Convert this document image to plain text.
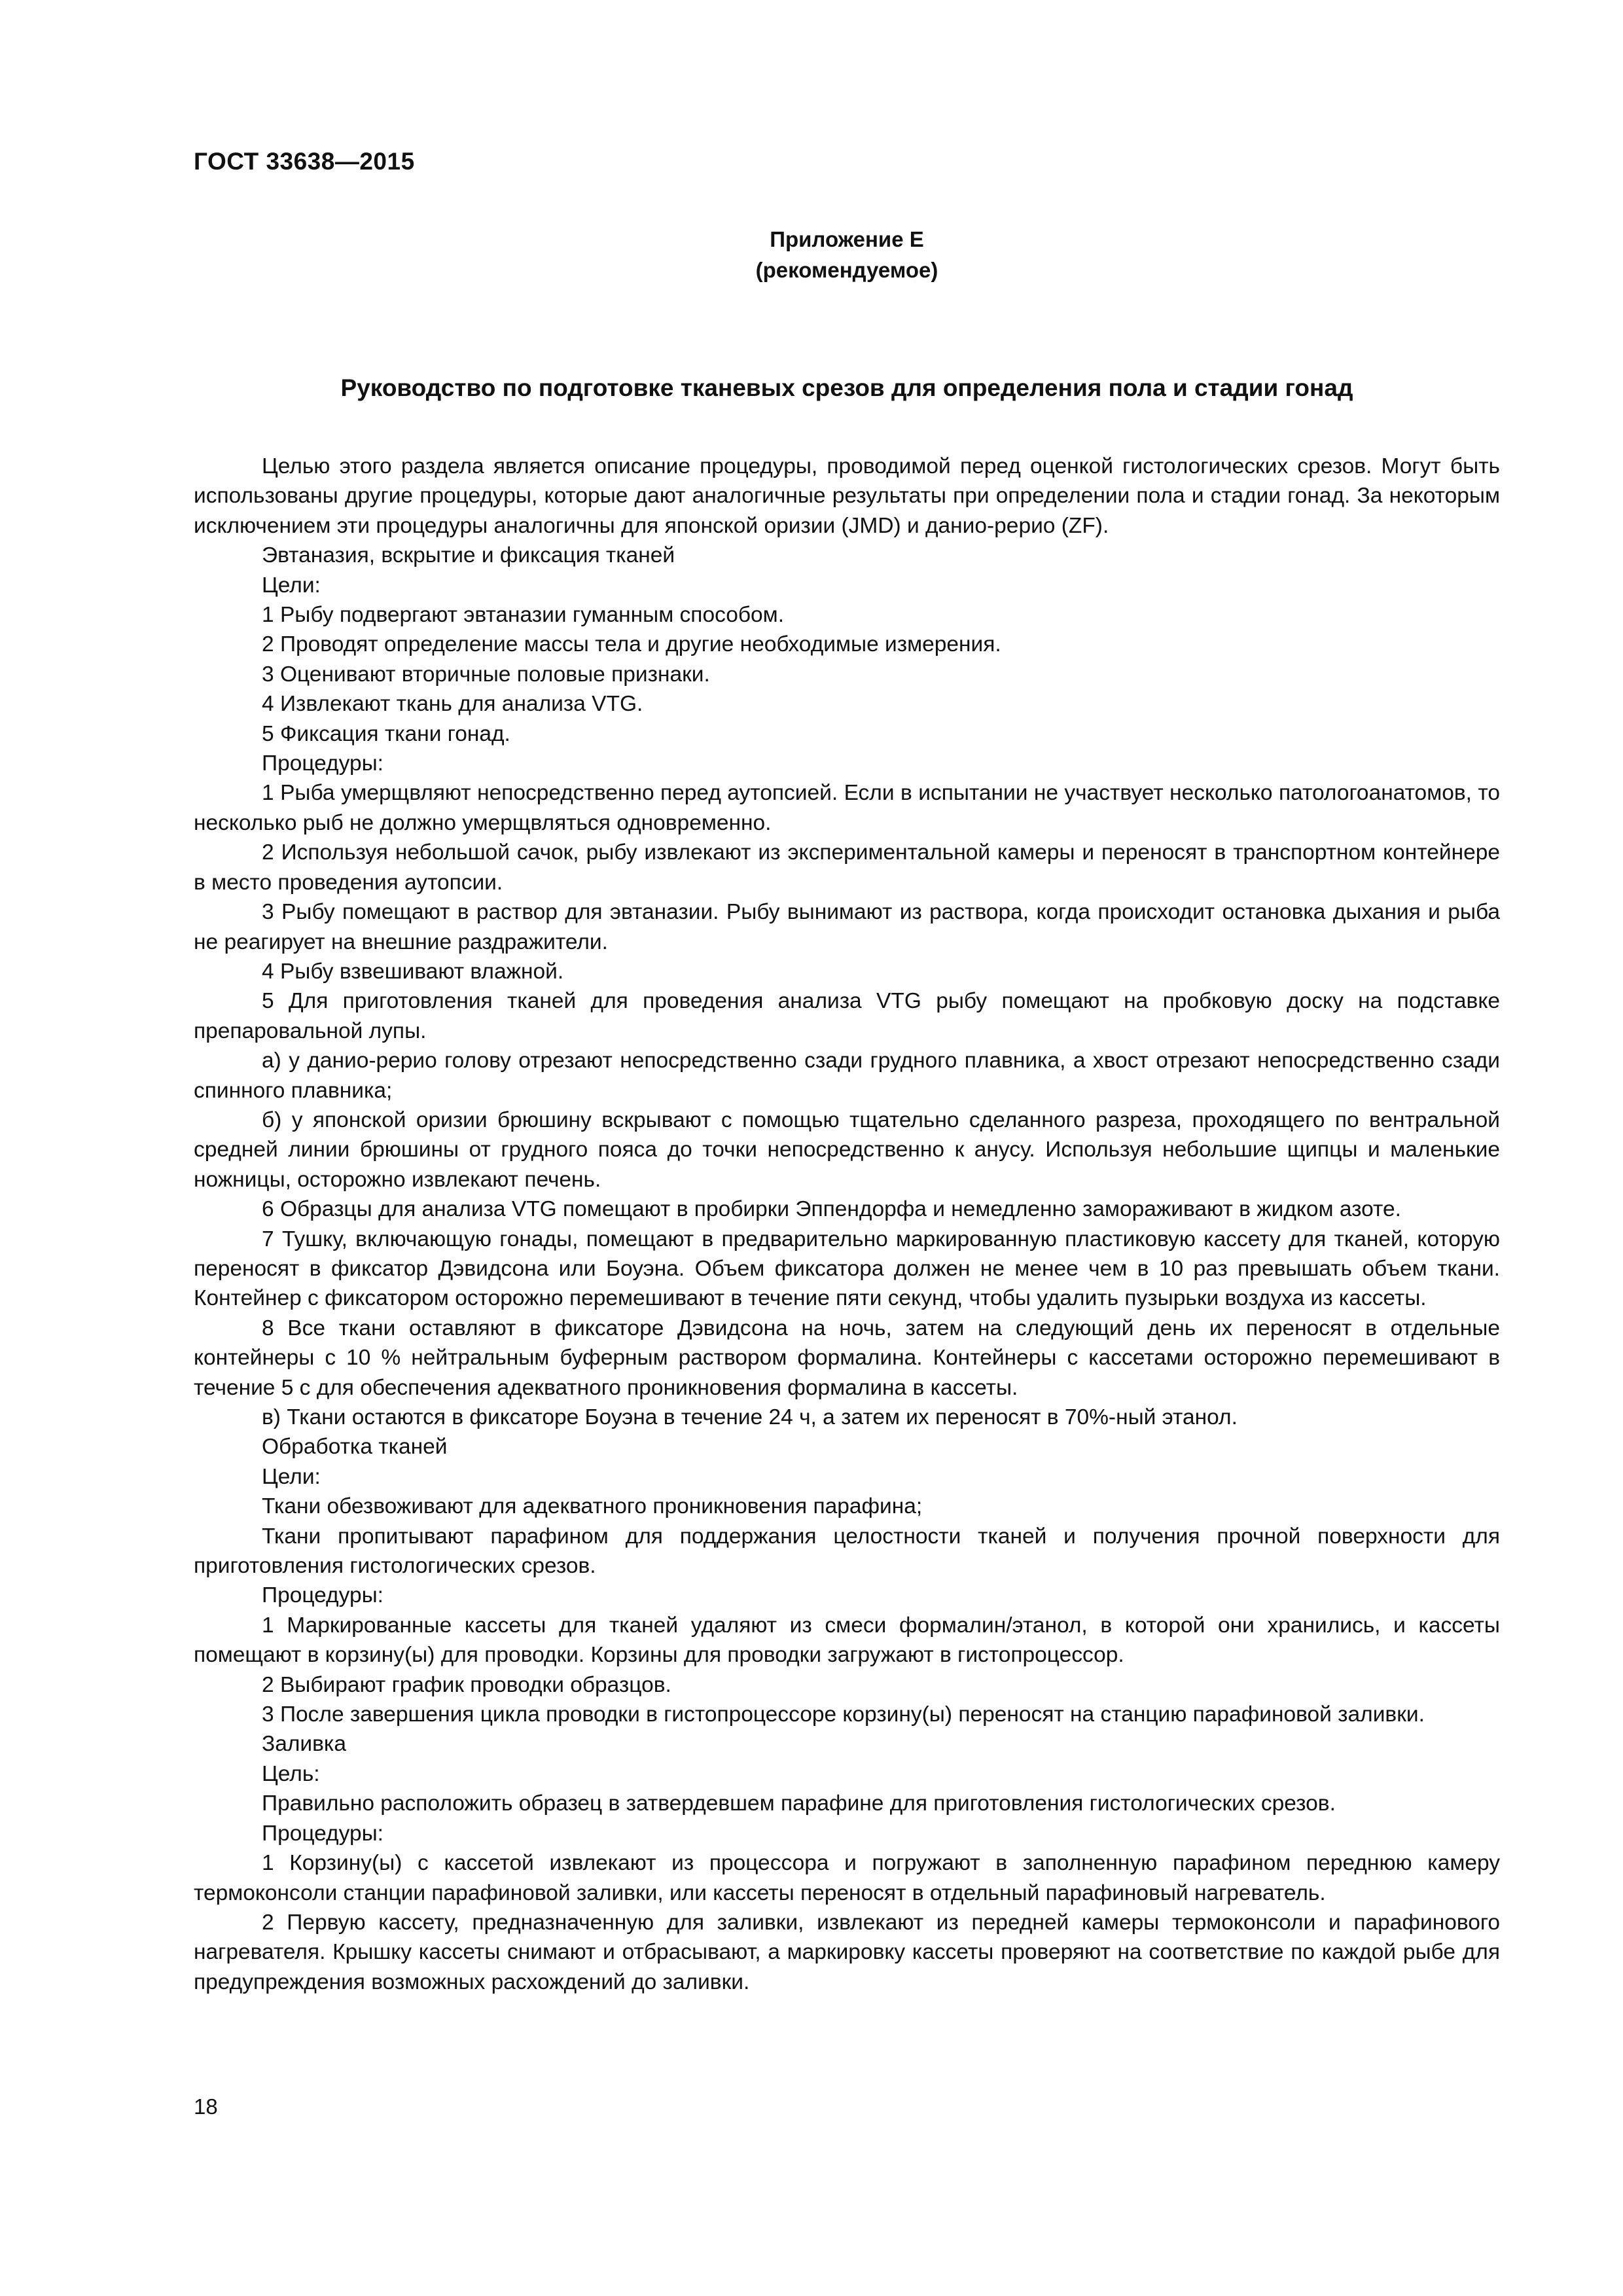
ГОСТ 33638—2015
Приложение Е
(рекомендуемое)
Руководство по подготовке тканевых срезов для определения пола и стадии гонад

Целью этого раздела является описание процедуры, проводимой перед оценкой гистологических срезов. Могут быть использованы другие процедуры, которые дают аналогичные результаты при определении пола и стадии гонад. За некоторым исключением эти процедуры аналогичны для японской оризии (JMD) и данио-рерио (ZF).

Эвтаназия, вскрытие и фиксация тканей

Цели:

1 Рыбу подвергают эвтаназии гуманным способом.

2 Проводят определение массы тела и другие необходимые измерения.

3 Оценивают вторичные половые признаки.

4 Извлекают ткань для анализа VTG.

5 Фиксация ткани гонад.

Процедуры:

1 Рыба умерщвляют непосредственно перед аутопсией. Если в испытании не участвует несколько патологоанатомов, то несколько рыб не должно умерщвляться одновременно.

2 Используя небольшой сачок, рыбу извлекают из экспериментальной камеры и переносят в транспортном контейнере в место проведения аутопсии.

3 Рыбу помещают в раствор для эвтаназии. Рыбу вынимают из раствора, когда происходит остановка дыхания и рыба не реагирует на внешние раздражители.

4 Рыбу взвешивают влажной.

5 Для приготовления тканей для проведения анализа VTG рыбу помещают на пробковую доску на подставке препаровальной лупы.

а) у данио-рерио голову отрезают непосредственно сзади грудного плавника, а хвост отрезают непосредственно сзади спинного плавника;

б) у японской оризии брюшину вскрывают с помощью тщательно сделанного разреза, проходящего по вентральной средней линии брюшины от грудного пояса до точки непосредственно к анусу. Используя небольшие щипцы и маленькие ножницы, осторожно извлекают печень.

6 Образцы для анализа VTG помещают в пробирки Эппендорфа и немедленно замораживают в жидком азоте.

7 Тушку, включающую гонады, помещают в предварительно маркированную пластиковую кассету для тканей, которую переносят в фиксатор Дэвидсона или Боуэна. Объем фиксатора должен не менее чем в 10 раз превышать объем ткани. Контейнер с фиксатором осторожно перемешивают в течение пяти секунд, чтобы удалить пузырьки воздуха из кассеты.

8 Все ткани оставляют в фиксаторе Дэвидсона на ночь, затем на следующий день их переносят в отдельные контейнеры с 10 % нейтральным буферным раствором формалина. Контейнеры с кассетами осторожно перемешивают в течение 5 с для обеспечения адекватного проникновения формалина в кассеты.

в) Ткани остаются в фиксаторе Боуэна в течение 24 ч, а затем их переносят в 70%-ный этанол.

Обработка тканей

Цели:

Ткани обезвоживают для адекватного проникновения парафина;

Ткани пропитывают парафином для поддержания целостности тканей и получения прочной поверхности для приготовления гистологических срезов.

Процедуры:

1 Маркированные кассеты для тканей удаляют из смеси формалин/этанол, в которой они хранились, и кассеты помещают в корзину(ы) для проводки. Корзины для проводки загружают в гистопроцессор.

2 Выбирают график проводки образцов.

3 После завершения цикла проводки в гистопроцессоре корзину(ы) переносят на станцию парафиновой заливки.

Заливка

Цель:

Правильно расположить образец в затвердевшем парафине для приготовления гистологических срезов.

Процедуры:

1 Корзину(ы) с кассетой извлекают из процессора и погружают в заполненную парафином переднюю камеру термоконсоли станции парафиновой заливки, или кассеты переносят в отдельный парафиновый нагреватель.

2 Первую кассету, предназначенную для заливки, извлекают из передней камеры термоконсоли и парафинового нагревателя. Крышку кассеты снимают и отбрасывают, а маркировку кассеты проверяют на соответствие по каждой рыбе для предупреждения возможных расхождений до заливки.

18
